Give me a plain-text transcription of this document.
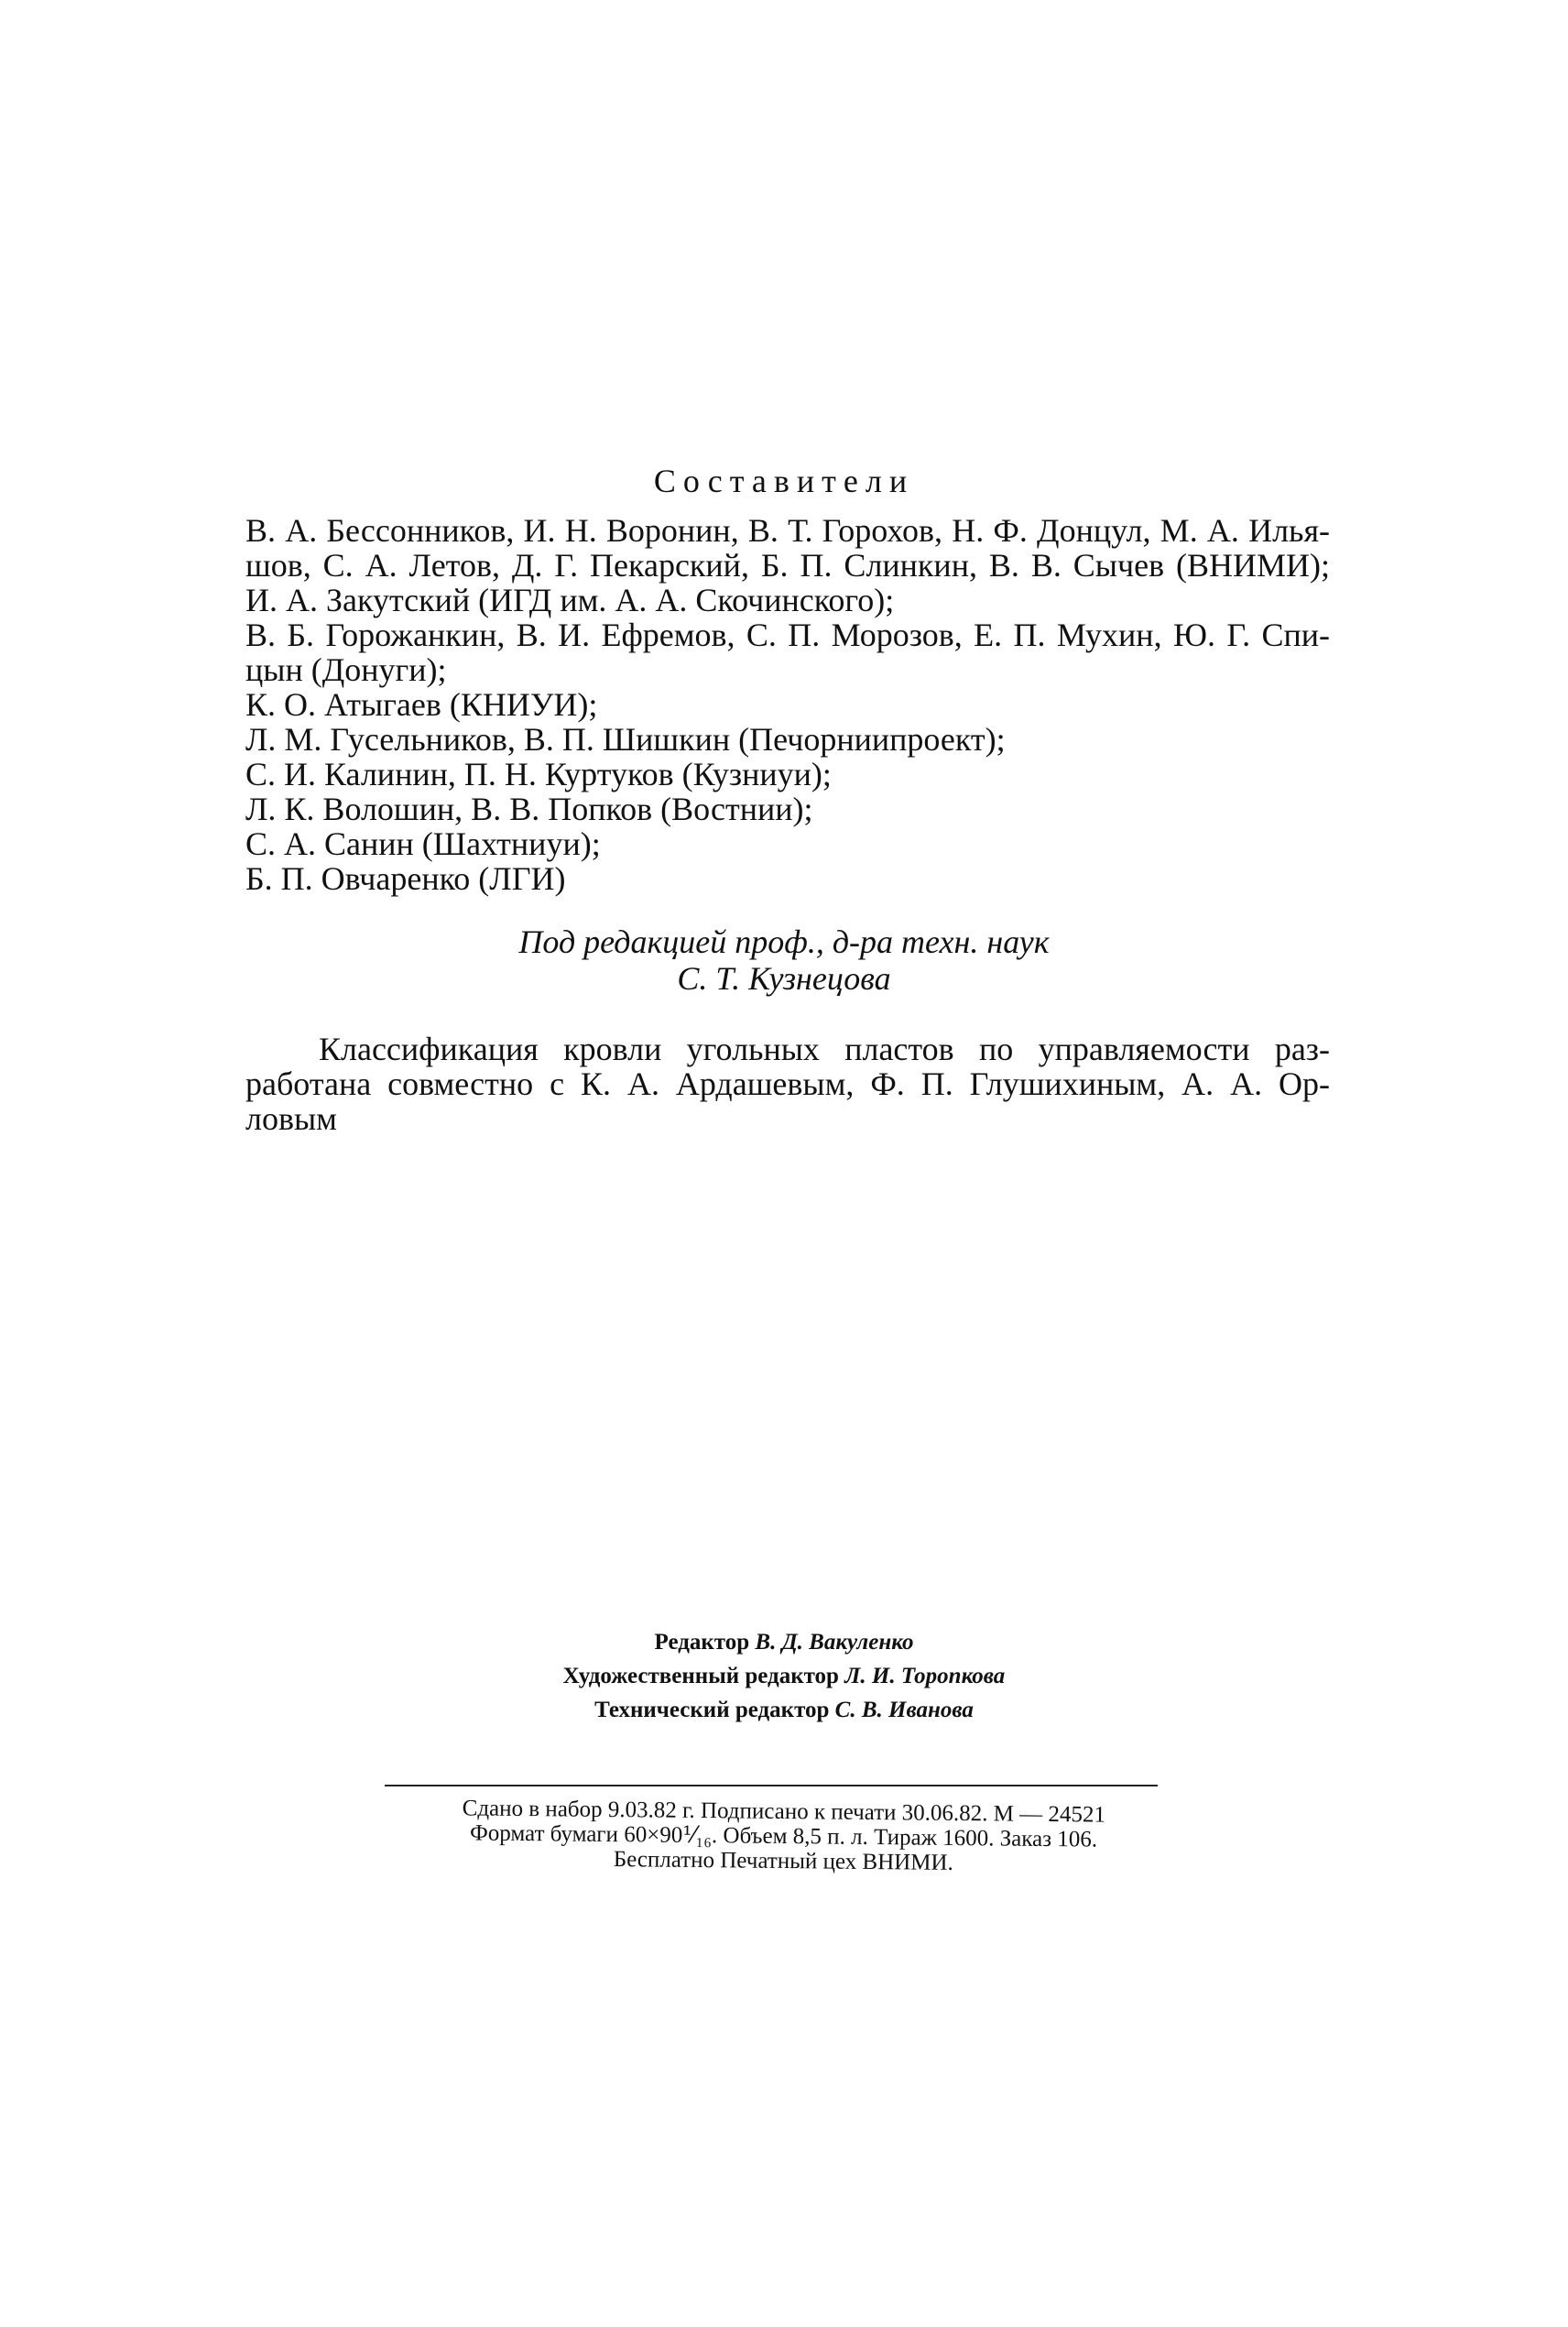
Составители
В. А. Бессонников, И. Н. Воронин, В. Т. Горохов, Н. Ф. Донцул, М. А. Илья-
шов, С. А. Летов, Д. Г. Пекарский, Б. П. Слинкин, В. В. Сычев (ВНИМИ);
И. А. Закутский (ИГД им. А. А. Скочинского);
В. Б. Горожанкин, В. И. Ефремов, С. П. Морозов, Е. П. Мухин, Ю. Г. Спи-
цын (Донуги);
К. О. Атыгаев (КНИУИ);
Л. М. Гусельников, В. П. Шишкин (Печорниипроект);
С. И. Калинин, П. Н. Куртуков (Кузниуи);
Л. К. Волошин, В. В. Попков (Востнии);
С. А. Санин (Шахтниуи);
Б. П. Овчаренко (ЛГИ)
Под редакцией проф., д-ра техн. наук
С. Т. Кузнецова
Классификация кровли угольных пластов по управляемости раз-
работана совместно с К. А. Ардашевым, Ф. П. Глушихиным, А. А. Ор-
ловым
Редактор В. Д. Вакуленко
Художественный редактор Л. И. Торопкова
Технический редактор С. В. Иванова
Сдано в набор 9.03.82 г. Подписано к печати 30.06.82. М — 24521
Формат бумаги 60×90⅟₁₆. Объем 8,5 п. л. Тираж 1600. Заказ 106.
Бесплатно Печатный цех ВНИМИ.
